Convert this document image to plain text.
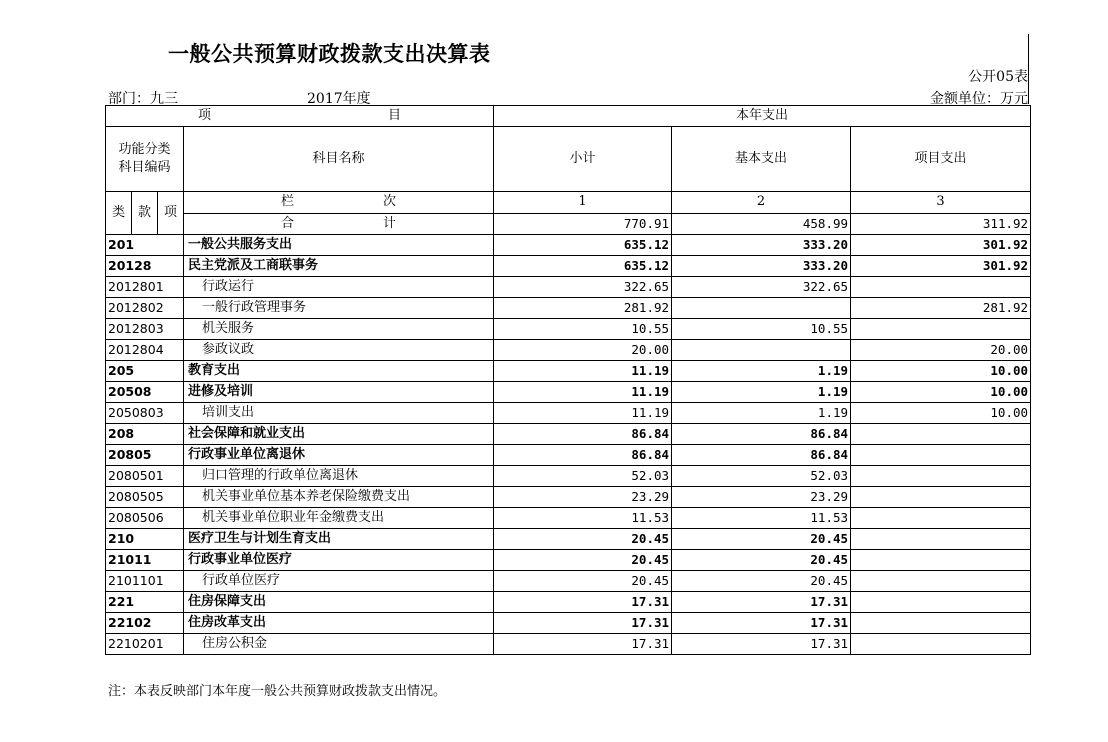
一般公共预算财政拨款支出决算表
公开05表
部门：九三	2017年度	金额单位：万元
项 目				本年支出		

功能分类
科目编码			科目名称	小计	基本支出	项目支出
类	款	项	栏 次	1	2	3

			合 计	770.91	458.99	311.92
201			一般公共服务支出	635.12	333.20	301.92
20128			民主党派及工商联事务	635.12	333.20	301.92
2012801			行政运行	322.65	322.65	
2012802			一般行政管理事务	281.92		281.92
2012803			机关服务	10.55	10.55	
2012804			参政议政	20.00		20.00
205			教育支出	11.19	1.19	10.00
20508			进修及培训	11.19	1.19	10.00
2050803			培训支出	11.19	1.19	10.00
208			社会保障和就业支出	86.84	86.84	
20805			行政事业单位离退休	86.84	86.84	
2080501			归口管理的行政单位离退休	52.03	52.03	
2080505			机关事业单位基本养老保险缴费支出	23.29	23.29	
2080506			机关事业单位职业年金缴费支出	11.53	11.53	
210			医疗卫生与计划生育支出	20.45	20.45	
21011			行政事业单位医疗	20.45	20.45	
2101101			行政单位医疗	20.45	20.45	
221			住房保障支出	17.31	17.31	
22102			住房改革支出	17.31	17.31	
2210201			住房公积金	17.31	17.31	
注：本表反映部门本年度一般公共预算财政拨款支出情况。
